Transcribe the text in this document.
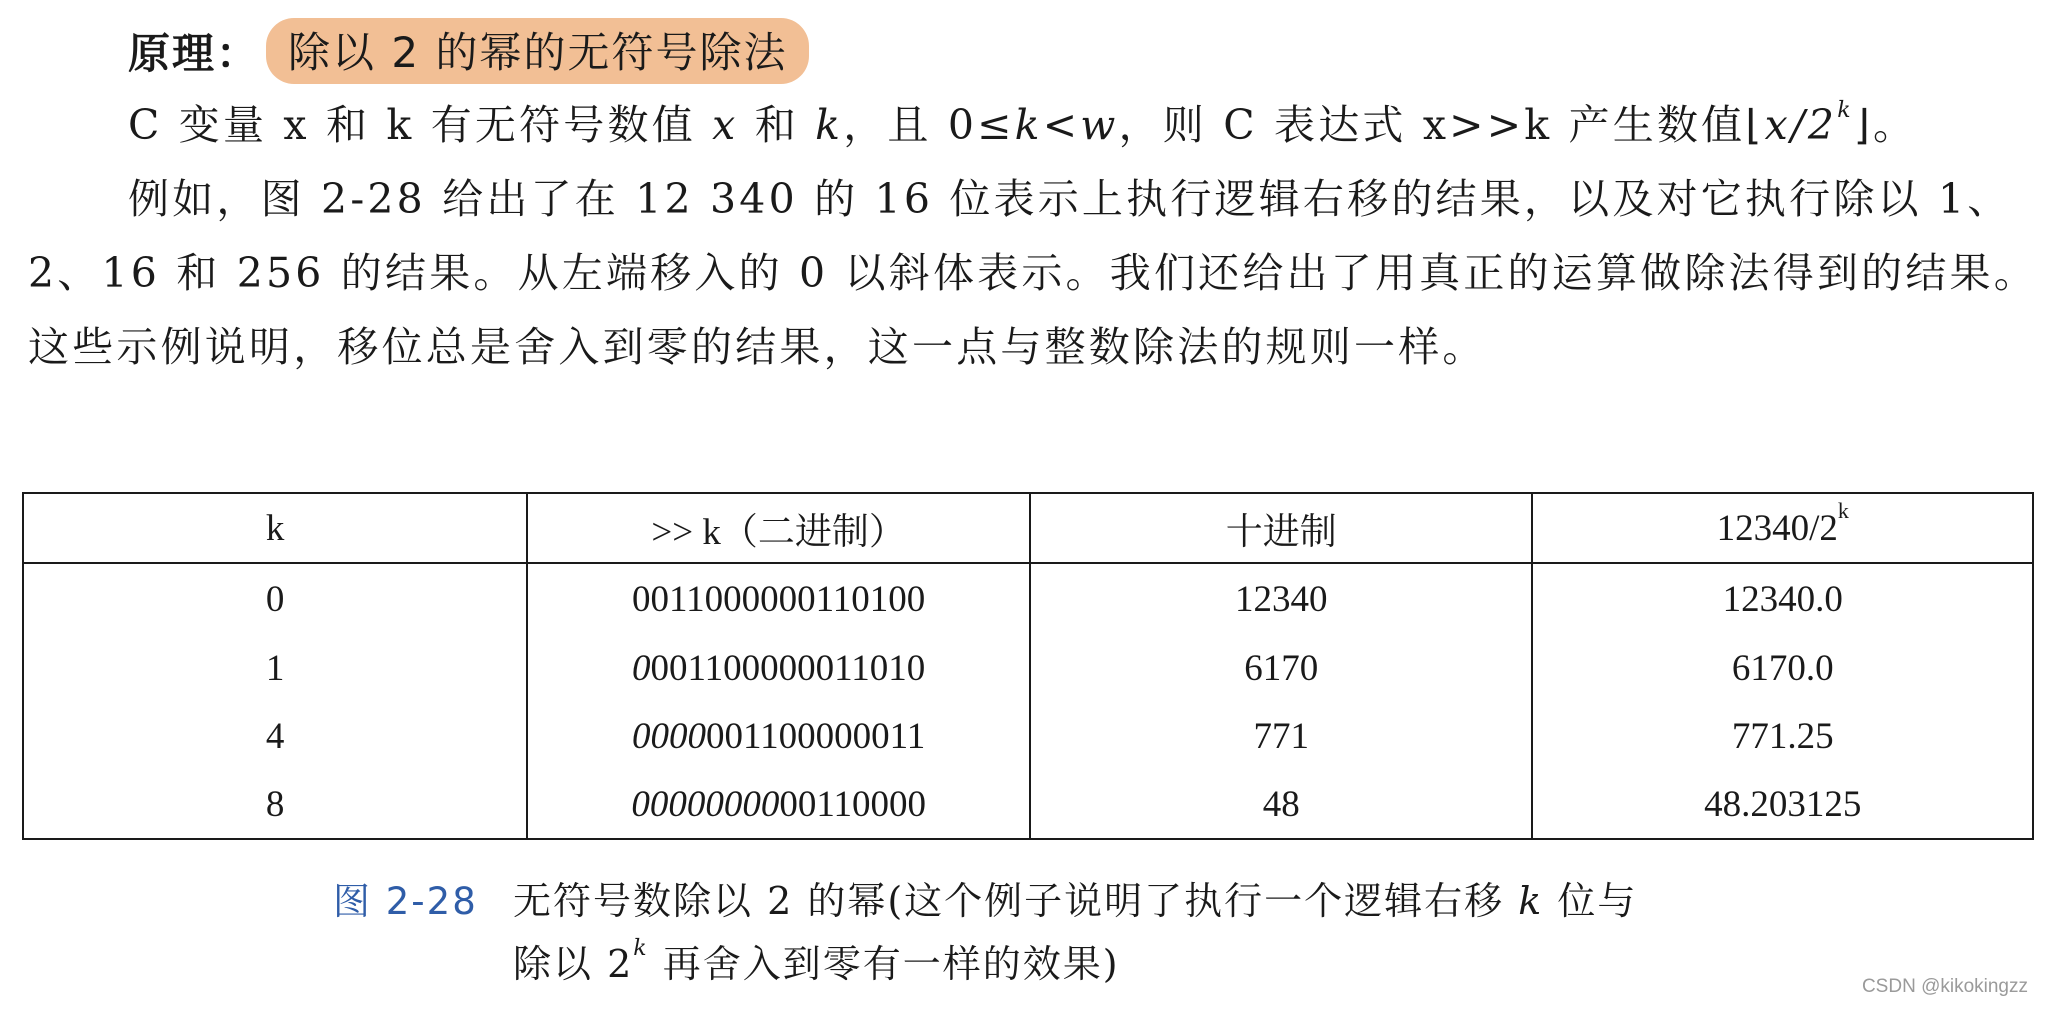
原理： 除以 2 的幂的无符号除法
C 变量 x 和 k 有无符号数值 x 和 k，且 0≤k<w，则 C 表达式 x>>k 产生数值⌊x/2$^k$⌋。
例如，图 2-28 给出了在 12 340 的 16 位表示上执行逻辑右移的结果，以及对它执行除以 1、2、16 和 256 的结果。从左端移入的 0 以斜体表示。我们还给出了用真正的运算做除法得到的结果。这些示例说明，移位总是舍入到零的结果，这一点与整数除法的规则一样。
k	>> k（二进制）	十进制	12340/2$^k$
0	0011000000110100	12340	12340.0
1	0001100000011010	6170	6170.0
4	0000001100000011	771	771.25
8	0000000000110000	48	48.203125
图 2-28 无符号数除以 2 的幂(这个例子说明了执行一个逻辑右移 k 位与
除以 2$^k$ 再舍入到零有一样的效果)
CSDN @kikokingzz
